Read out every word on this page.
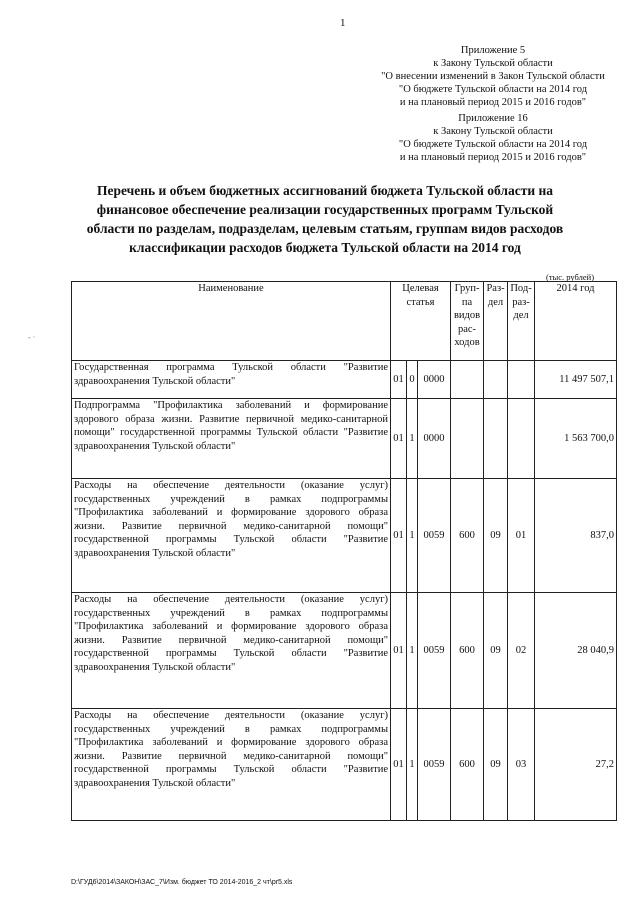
1
Приложение 5
к Закону Тульской области
"О внесении изменений в Закон Тульской области
"О бюджете Тульской области на 2014 год
и на плановый период 2015 и 2016 годов"
Приложение 16
к Закону Тульской области
"О бюджете Тульской области на 2014 год
и на плановый период 2015 и 2016 годов"
Перечень и объем бюджетных ассигнований бюджета Тульской области на финансовое обеспечение реализации государственных программ Тульской области по разделам, подразделам, целевым статьям, группам видов расходов классификации расходов бюджета Тульской области на 2014 год
(тыс. рублей)
Наименование	Целевая статья			Груп-па видов рас-ходов	Раз-дел	Под-раз-дел	2014 год
Государственная программа Тульской области "Развитие здравоохранения Тульской области"	01	0	0000				11 497 507,1
Подпрограмма "Профилактика заболеваний и формирование здорового образа жизни. Развитие первичной медико-санитарной помощи" государственной программы Тульской области "Развитие здравоохранения Тульской области"	01	1	0000				1 563 700,0
Расходы на обеспечение деятельности (оказание услуг) государственных учреждений в рамках подпрограммы "Профилактика заболеваний и формирование здорового образа жизни. Развитие первичной медико-санитарной помощи" государственной программы Тульской области "Развитие здравоохранения Тульской области"	01	1	0059	600	09	01	837,0
Расходы на обеспечение деятельности (оказание услуг) государственных учреждений в рамках подпрограммы "Профилактика заболеваний и формирование здорового образа жизни. Развитие первичной медико-санитарной помощи" государственной программы Тульской области "Развитие здравоохранения Тульской области"	01	1	0059	600	09	02	28 040,9
Расходы на обеспечение деятельности (оказание услуг) государственных учреждений в рамках подпрограммы "Профилактика заболеваний и формирование здорового образа жизни. Развитие первичной медико-санитарной помощи" государственной программы Тульской области "Развитие здравоохранения Тульской области"	01	1	0059	600	09	03	27,2
‑ ·
D:\ГУД6\2014\ЗАКОН\ЗАС_7\Изм. бюджет ТО 2014-2016_2 чт\pr5.xls
